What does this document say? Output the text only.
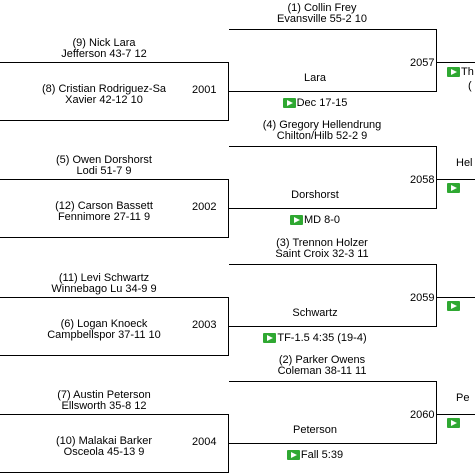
(9) Nick Lara
Jefferson 43-7 12
(8) Cristian Rodriguez-Sa
Xavier 42-12 10
2001
(1) Collin Frey
Evansville 55-2 10
Lara
Dec 17-15
2057
Th
(
(5) Owen Dorshorst
Lodi 51-7 9
(12) Carson Bassett
Fennimore 27-11 9
2002
(4) Gregory Hellendrung
Chilton/Hilb 52-2 9
Dorshorst
MD 8-0
2058
Hel
(11) Levi Schwartz
Winnebago Lu 34-9 9
(6) Logan Knoeck
Campbellspor 37-11 10
2003
(3) Trennon Holzer
Saint Croix 32-3 11
Schwartz
TF-1.5 4:35 (19-4)
2059
(7) Austin Peterson
Ellsworth 35-8 12
(10) Malakai Barker
Osceola 45-13 9
2004
(2) Parker Owens
Coleman 38-11 11
Peterson
Fall 5:39
2060
Pe
